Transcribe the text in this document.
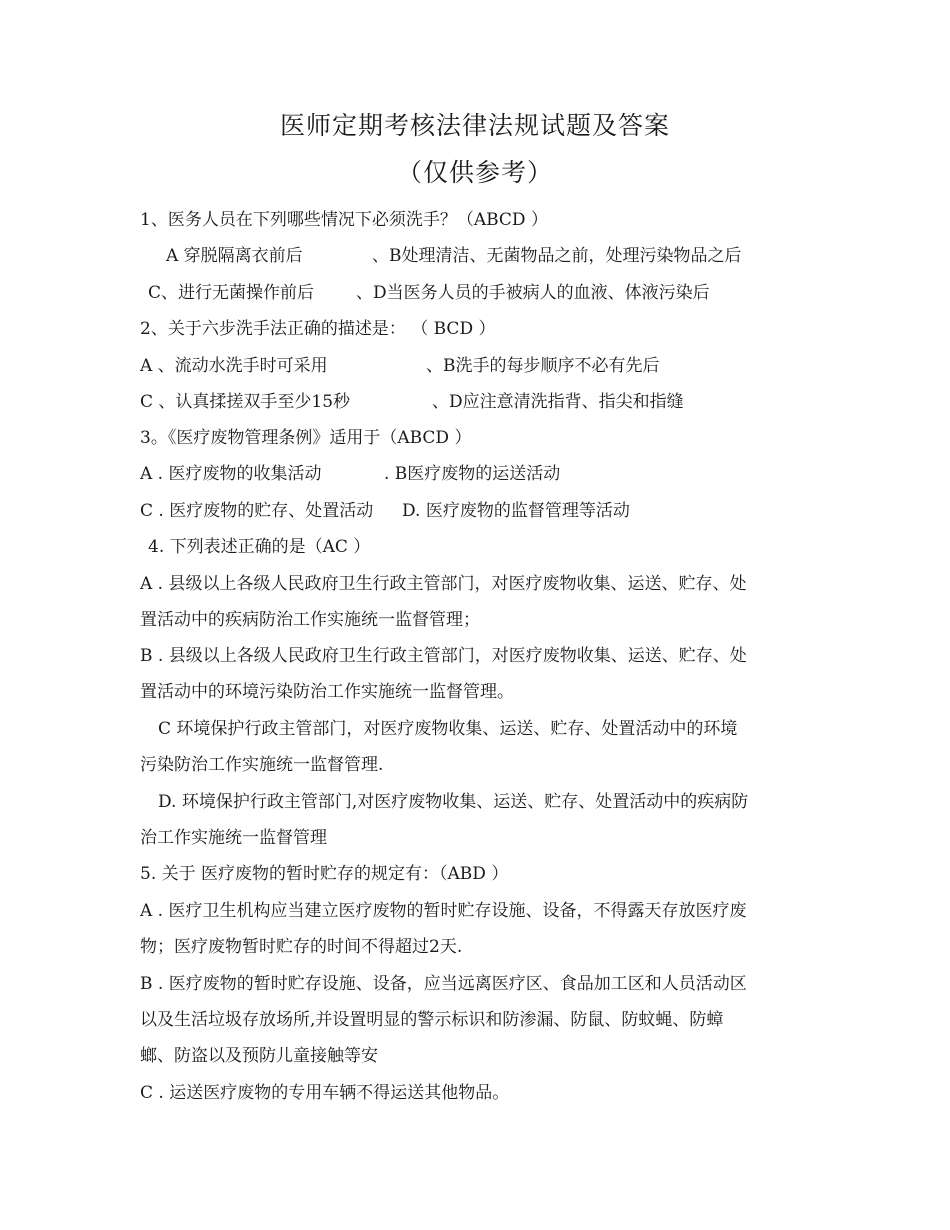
医师定期考核法律法规试题及答案
（仅供参考）
1、医务人员在下列哪些情况下必须洗手？（ABCD ）
A 穿脱隔离衣前后	、B处理清洁、无菌物品之前，处理污染物品之后
C、进行无菌操作前后 、D当医务人员的手被病人的血液、体液污染后
2、关于六步洗手法正确的描述是： （ BCD ）
A 、流动水洗手时可采用	、B洗手的每步顺序不必有先后
C 、认真揉搓双手至少15秒	、D应注意清洗指背、指尖和指缝
3。《医疗废物管理条例》适用于（ABCD ）
A . 医疗废物的收集活动	. B医疗废物的运送活动
C . 医疗废物的贮存、处置活动 D. 医疗废物的监督管理等活动
4. 下列表述正确的是（AC ）
A . 县级以上各级人民政府卫生行政主管部门，对医疗废物收集、运送、贮存、处
置活动中的疾病防治工作实施统一监督管理；
B . 县级以上各级人民政府卫生行政主管部门，对医疗废物收集、运送、贮存、处
置活动中的环境污染防治工作实施统一监督管理。
C 环境保护行政主管部门，对医疗废物收集、运送、贮存、处置活动中的环境
污染防治工作实施统一监督管理.
D. 环境保护行政主管部门,对医疗废物收集、运送、贮存、处置活动中的疾病防
治工作实施统一监督管理
5. 关于 医疗废物的暂时贮存的规定有：（ABD ）
A . 医疗卫生机构应当建立医疗废物的暂时贮存设施、设备，不得露天存放医疗废
物；医疗废物暂时贮存的时间不得超过2天.
B . 医疗废物的暂时贮存设施、设备，应当远离医疗区、食品加工区和人员活动区
以及生活垃圾存放场所,并设置明显的警示标识和防渗漏、防鼠、防蚊蝇、防蟑
螂、防盗以及预防儿童接触等安
C . 运送医疗废物的专用车辆不得运送其他物品。
